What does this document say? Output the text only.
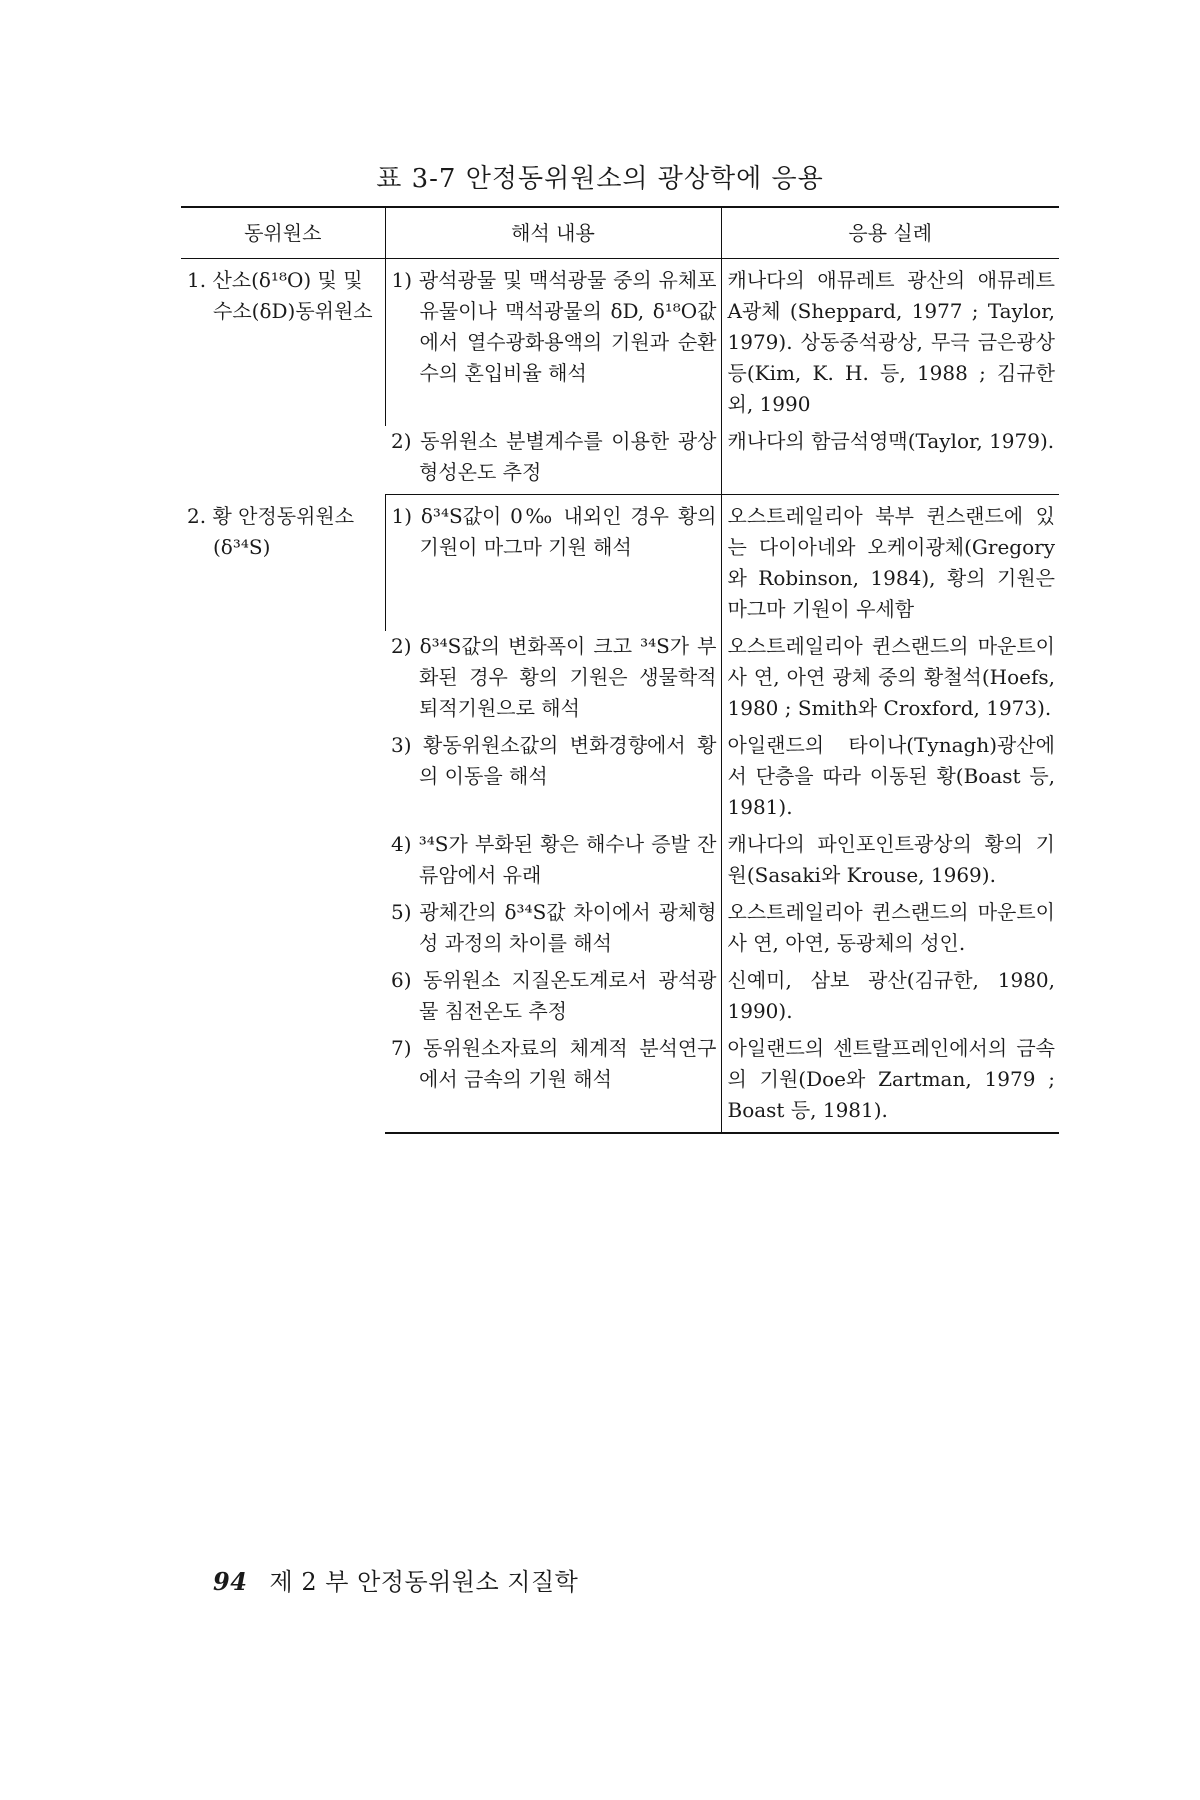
표 3-7 안정동위원소의 광상학에 응용
동위원소	해석 내용	응용 실례

1. 산소(δ¹⁸O) 및 및 수소(δD)동위원소	1) 광석광물 및 맥석광물 중의 유체포유물이나 맥석광물의 δD, δ¹⁸O값에서 열수광화용액의 기원과 순환수의 혼입비율 해석	캐나다의 애뮤레트 광산의 애뮤레트 A광체 (Sheppard, 1977 ; Taylor, 1979). 상동중석광상, 무극 금은광상 등(Kim, K. H. 등, 1988 ; 김규한 외, 1990

	2) 동위원소 분별계수를 이용한 광상형성온도 추정	캐나다의 함금석영맥(Taylor, 1979).

2. 황 안정동위원소(δ³⁴S)	1) δ³⁴S값이 0‰ 내외인 경우 황의 기원이 마그마 기원 해석	오스트레일리아 북부 퀸스랜드에 있는 다이아네와 오케이광체(Gregory와 Robinson, 1984), 황의 기원은 마그마 기원이 우세함

	2) δ³⁴S값의 변화폭이 크고 ³⁴S가 부화된 경우 황의 기원은 생물학적 퇴적기원으로 해석	오스트레일리아 퀸스랜드의 마운트이사 연, 아연 광체 중의 황철석(Hoefs, 1980 ; Smith와 Croxford, 1973).

	3) 황동위원소값의 변화경향에서 황의 이동을 해석	아일랜드의 타이나(Tynagh)광산에서 단층을 따라 이동된 황(Boast 등, 1981).

	4) ³⁴S가 부화된 황은 해수나 증발 잔류암에서 유래	캐나다의 파인포인트광상의 황의 기원(Sasaki와 Krouse, 1969).

	5) 광체간의 δ³⁴S값 차이에서 광체형성 과정의 차이를 해석	오스트레일리아 퀸스랜드의 마운트이사 연, 아연, 동광체의 성인.

	6) 동위원소 지질온도계로서 광석광물 침전온도 추정	신예미, 삼보 광산(김규한, 1980, 1990).

	7) 동위원소자료의 체계적 분석연구에서 금속의 기원 해석	아일랜드의 센트랄프레인에서의 금속의 기원(Doe와 Zartman, 1979 ; Boast 등, 1981).
94 제 2 부 안정동위원소 지질학
